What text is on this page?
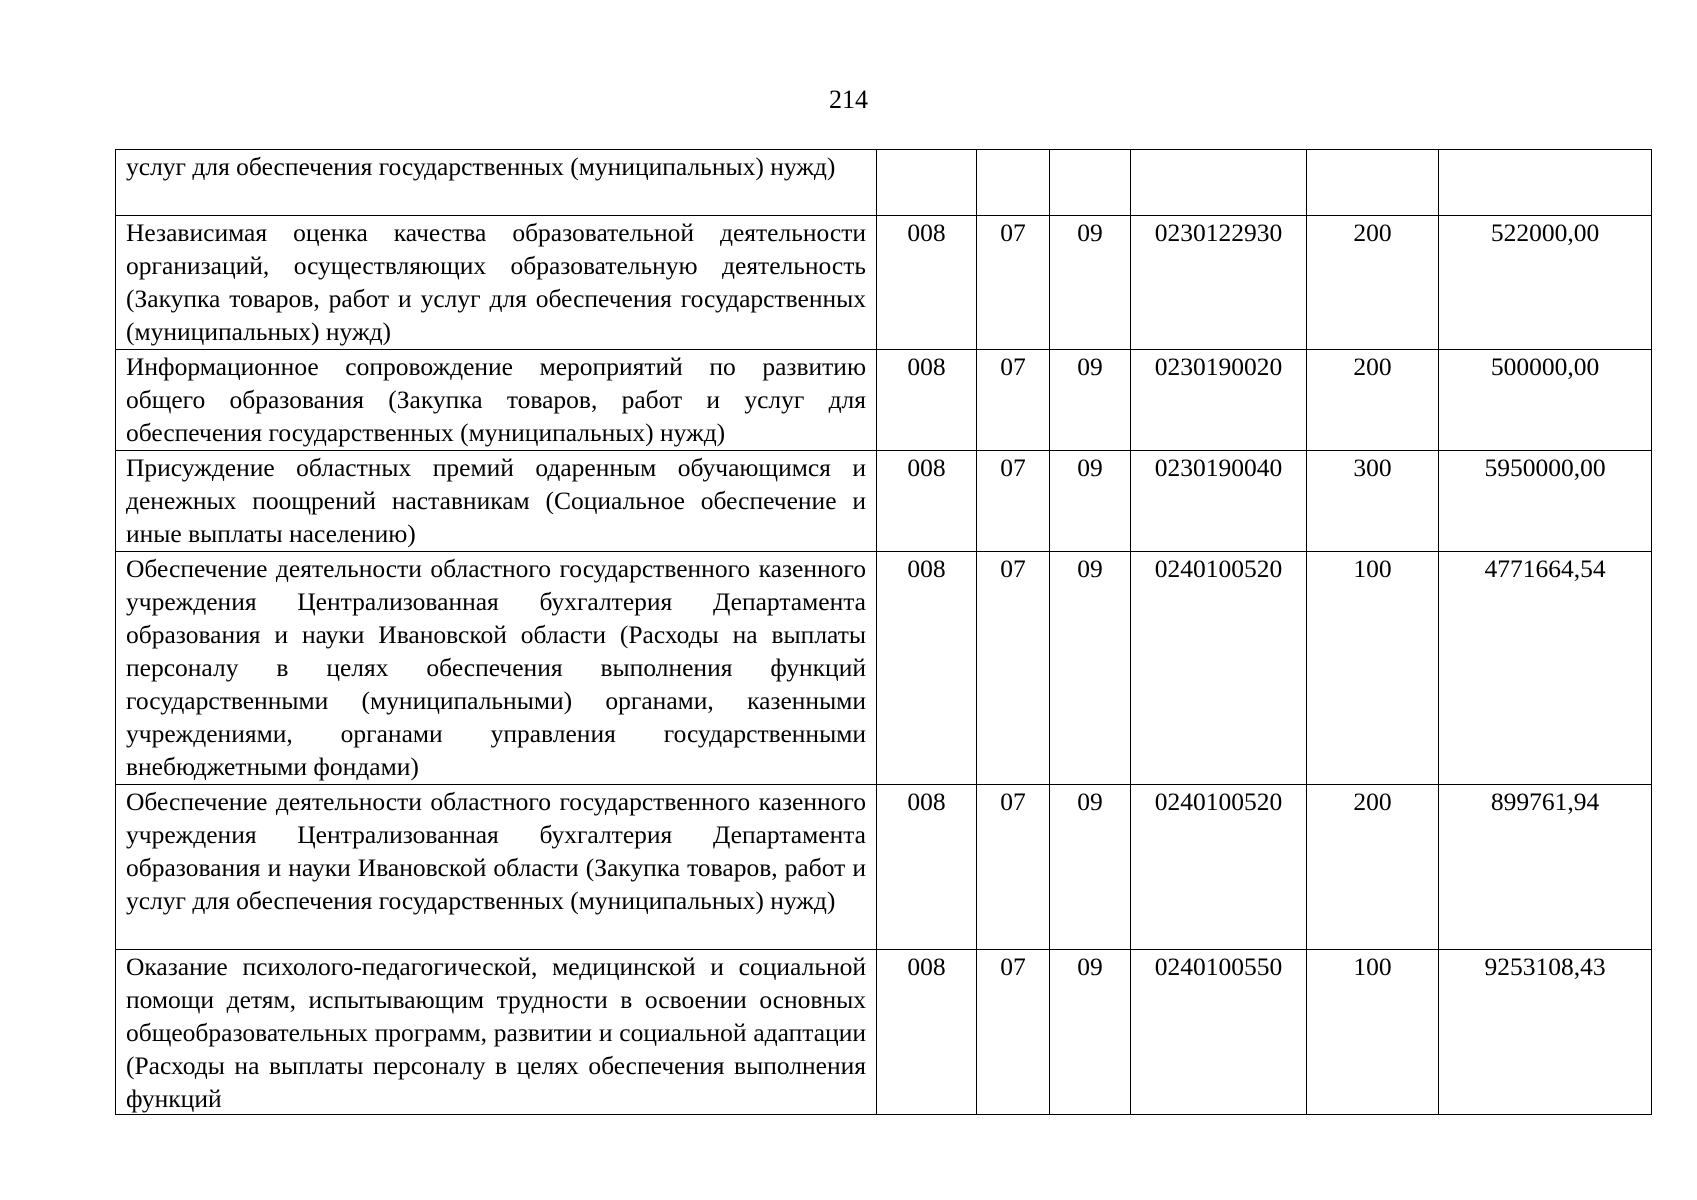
214
услуг для обеспечения государственных (муниципальных) нужд)						
Независимая оценка качества образовательной деятельности организаций, осуществляющих образовательную деятельность (Закупка товаров, работ и услуг для обеспечения государственных (муниципальных) нужд)	008	07	09	0230122930	200	522000,00
Информационное сопровождение мероприятий по развитию общего образования (Закупка товаров, работ и услуг для обеспечения государственных (муниципальных) нужд)	008	07	09	0230190020	200	500000,00
Присуждение областных премий одаренным обучающимся и денежных поощрений наставникам (Социальное обеспечение и иные выплаты населению)	008	07	09	0230190040	300	5950000,00
Обеспечение деятельности областного государственного казенного учреждения Централизованная бухгалтерия Департамента образования и науки Ивановской области (Расходы на выплаты персоналу в целях обеспечения выполнения функций государственными (муниципальными) органами, казенными учреждениями, органами управления государственными внебюджетными фондами)	008	07	09	0240100520	100	4771664,54
Обеспечение деятельности областного государственного казенного учреждения Централизованная бухгалтерия Департамента образования и науки Ивановской области (Закупка товаров, работ и услуг для обеспечения государственных (муниципальных) нужд)	008	07	09	0240100520	200	899761,94

Оказание психолого-педагогической, медицинской и социальной помощи детям, испытывающим трудности в освоении основных общеобразовательных программ, развитии и социальной адаптации (Расходы на выплаты персоналу в целях обеспечения выполнения функций	008	07	09	0240100550	100	9253108,43
